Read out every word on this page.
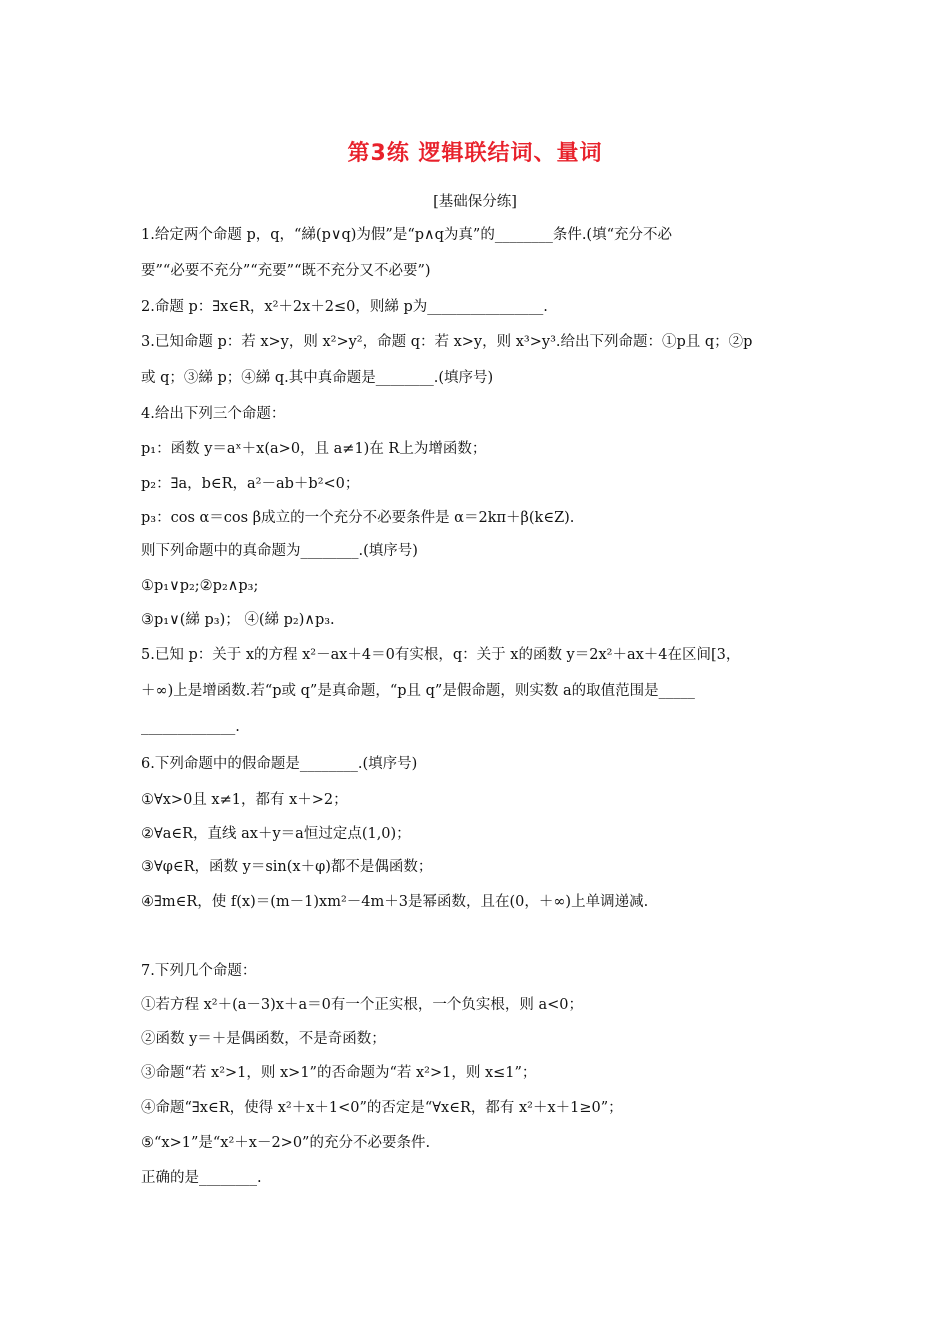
第3练 逻辑联结词、量词
[基础保分练]
1.给定两个命题 p，q，“綈(p∨q)为假”是“p∧q为真”的________条件.(填“充分不必
要”“必要不充分”“充要”“既不充分又不必要”)
2.命题 p：∃x∈R，x²＋2x＋2≤0，则綈 p为________________.
3.已知命题 p：若 x>y，则 x²>y²，命题 q：若 x>y，则 x³>y³.给出下列命题：①p且 q；②p
或 q；③綈 p；④綈 q.其中真命题是________.(填序号)
4.给出下列三个命题：
p₁：函数 y＝aˣ＋x(a>0，且 a≠1)在 R上为增函数；
p₂：∃a，b∈R，a²－ab＋b²<0；
p₃：cos α＝cos β成立的一个充分不必要条件是 α＝2kπ＋β(k∈Z).
则下列命题中的真命题为________.(填序号)
①p₁∨p₂;②p₂∧p₃;
③p₁∨(綈 p₃)； ④(綈 p₂)∧p₃.
5.已知 p：关于 x的方程 x²－ax＋4＝0有实根，q：关于 x的函数 y＝2x²＋ax＋4在区间[3，
＋∞)上是增函数.若“p或 q”是真命题，“p且 q”是假命题，则实数 a的取值范围是_____
_____________.
6.下列命题中的假命题是________.(填序号)
①∀x>0且 x≠1，都有 x＋>2；
②∀a∈R，直线 ax＋y＝a恒过定点(1,0)；
③∀φ∈R，函数 y＝sin(x＋φ)都不是偶函数；
④∃m∈R，使 f(x)＝(m－1)xm²－4m＋3是幂函数，且在(0，＋∞)上单调递减.
7.下列几个命题：
①若方程 x²＋(a－3)x＋a＝0有一个正实根，一个负实根，则 a<0；
②函数 y＝＋是偶函数，不是奇函数；
③命题“若 x²>1，则 x>1”的否命题为“若 x²>1，则 x≤1”；
④命题“∃x∈R，使得 x²＋x＋1<0”的否定是“∀x∈R，都有 x²＋x＋1≥0”；
⑤“x>1”是“x²＋x－2>0”的充分不必要条件.
正确的是________.
